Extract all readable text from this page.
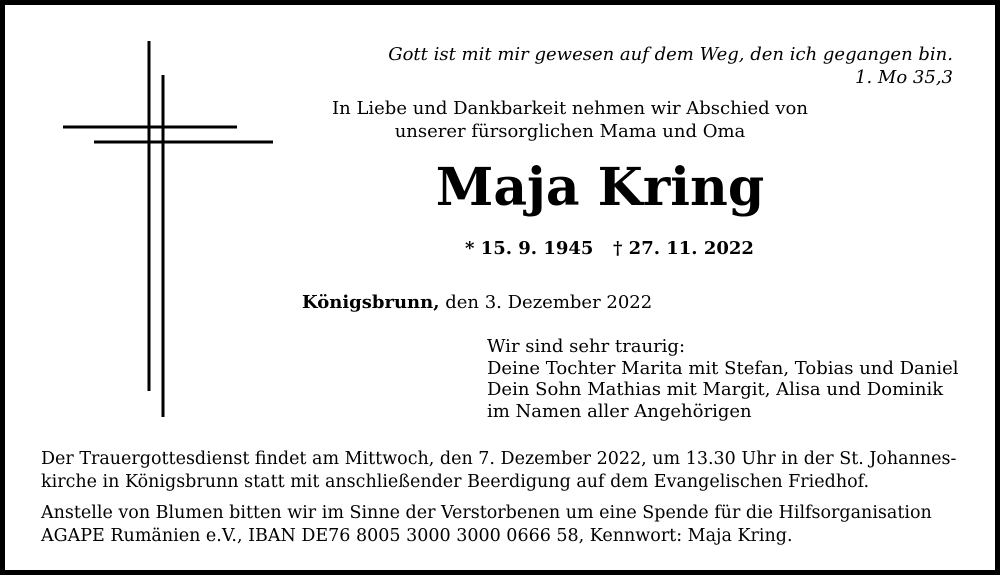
Gott ist mit mir gewesen auf dem Weg, den ich gegangen bin.
1. Mo 35,3
In Liebe und Dankbarkeit nehmen wir Abschied von
unserer fürsorglichen Mama und Oma
Maja Kring
* 15. 9. 1945 † 27. 11. 2022
Königsbrunn, den 3. Dezember 2022
Wir sind sehr traurig:
Deine Tochter Marita mit Stefan, Tobias und Daniel
Dein Sohn Mathias mit Margit, Alisa und Dominik
im Namen aller Angehörigen
Der Trauergottesdienst findet am Mittwoch, den 7. Dezember 2022, um 13.30 Uhr in der St. Johannes-
kirche in Königsbrunn statt mit anschließender Beerdigung auf dem Evangelischen Friedhof.
Anstelle von Blumen bitten wir im Sinne der Verstorbenen um eine Spende für die Hilfsorganisation
AGAPE Rumänien e.V., IBAN DE76 8005 3000 3000 0666 58, Kennwort: Maja Kring.
